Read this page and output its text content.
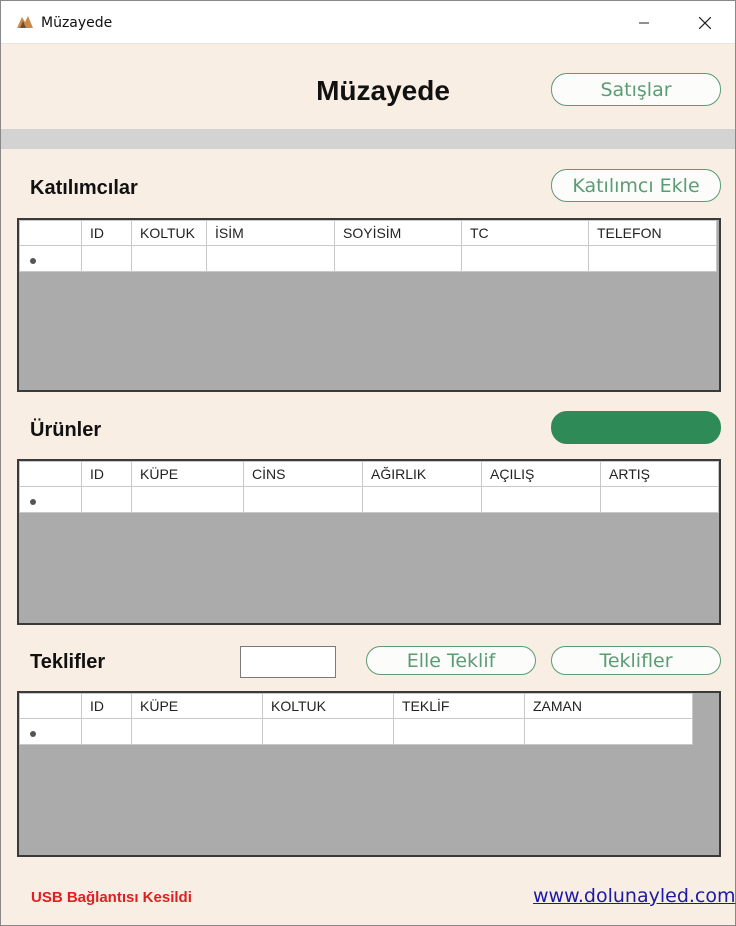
Müzayede
Müzayede	Satışlar
Katılımcılar	Katılımcı Ekle
	ID	KOLTUK	İSİM	SOYİSİM	TC	TELEFON

Ürünler
	ID	KÜPE	CİNS	AĞIRLIK	AÇILIŞ	ARTIŞ

Teklifler	Elle Teklif	Teklifler
	ID	KÜPE	KOLTUK	TEKLİF	ZAMAN

USB Bağlantısı Kesildi	www.dolunayled.com
